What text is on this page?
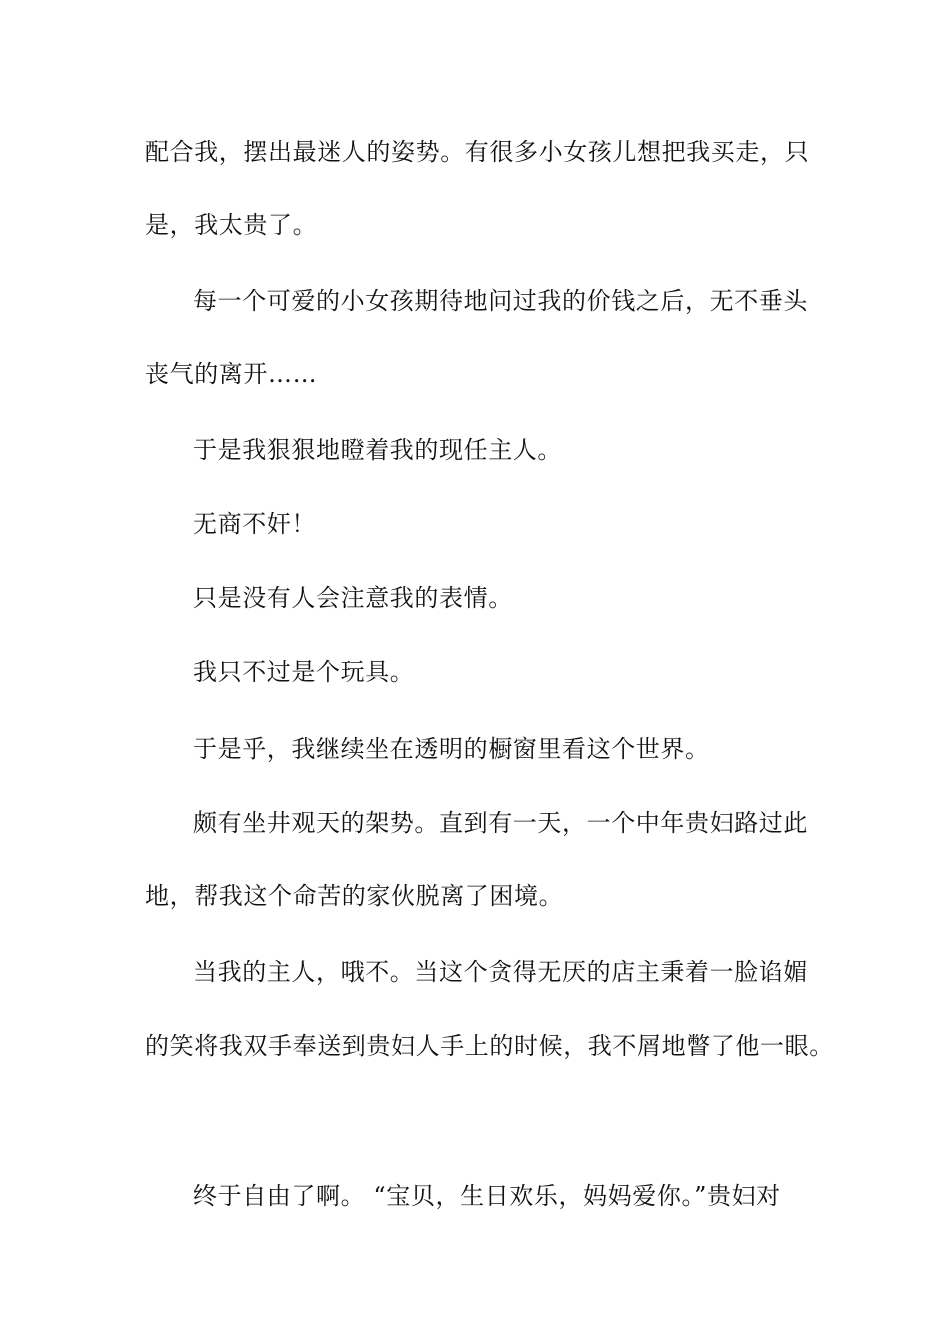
配合我，摆出最迷人的姿势。有很多小女孩儿想把我买走，只
是，我太贵了。
每一个可爱的小女孩期待地问过我的价钱之后，无不垂头
丧气的离开……
于是我狠狠地瞪着我的现任主人。
无商不奸！
只是没有人会注意我的表情。
我只不过是个玩具。
于是乎，我继续坐在透明的橱窗里看这个世界。
颇有坐井观天的架势。直到有一天，一个中年贵妇路过此
地，帮我这个命苦的家伙脱离了困境。
当我的主人，哦不。当这个贪得无厌的店主秉着一脸谄媚
的笑将我双手奉送到贵妇人手上的时候，我不屑地瞥了他一眼。
终于自由了啊。 “宝贝，生日欢乐，妈妈爱你。”贵妇对
